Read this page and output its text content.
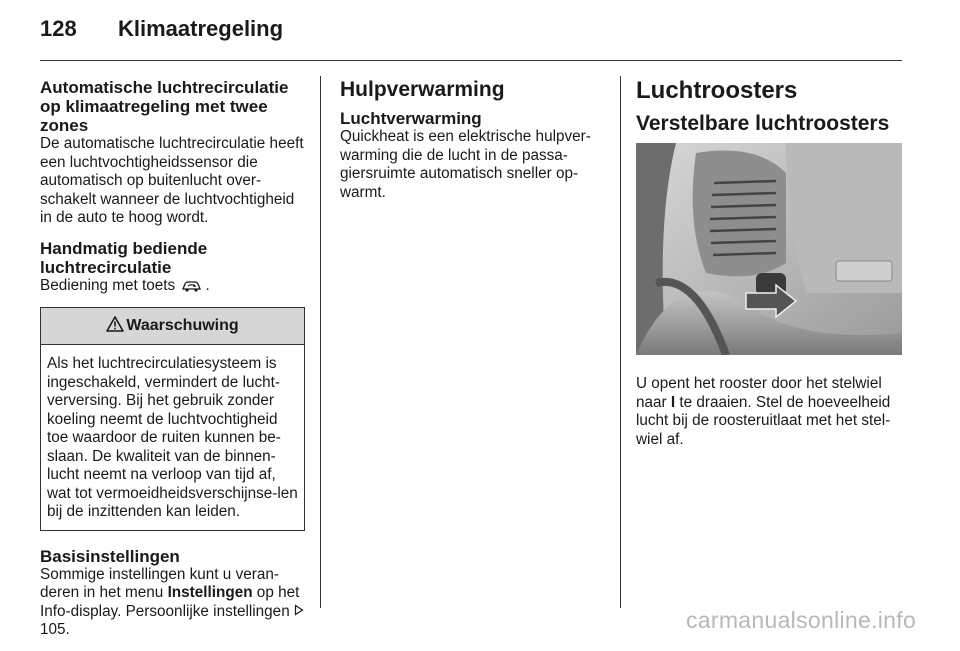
128 Klimaatregeling
Automatische luchtrecirculatie op klimaatregeling met twee zones

De automatische luchtrecirculatie heeft een luchtvochtigheidssensor die automatisch op buitenlucht over-schakelt wanneer de luchtvochtigheid in de auto te hoog wordt.

Handmatig bediende
luchtrecirculatie

Bediening met toets .

Waarschuwing
Als het luchtrecirculatiesysteem is ingeschakeld, vermindert de lucht-verversing. Bij het gebruik zonder koeling neemt de luchtvochtigheid toe waardoor de ruiten kunnen be-slaan. De kwaliteit van de binnen-lucht neemt na verloop van tijd af, wat tot vermoeidheidsverschijnse-len bij de inzittenden kan leiden.
Basisinstellingen

Sommige instellingen kunt u veran-deren in het menu Instellingen op het Info-display. Persoonlijke instellingen  105.

Hulpverwarming
Luchtverwarming

Quickheat is een elektrische hulpver-warming die de lucht in de passa-giersruimte automatisch sneller op-warmt.

Luchtroosters
Verstelbare luchtroosters

U opent het rooster door het stelwiel naar I te draaien. Stel de hoeveelheid lucht bij de roosteruitlaat met het stel-wiel af.

carmanualsonline.info
